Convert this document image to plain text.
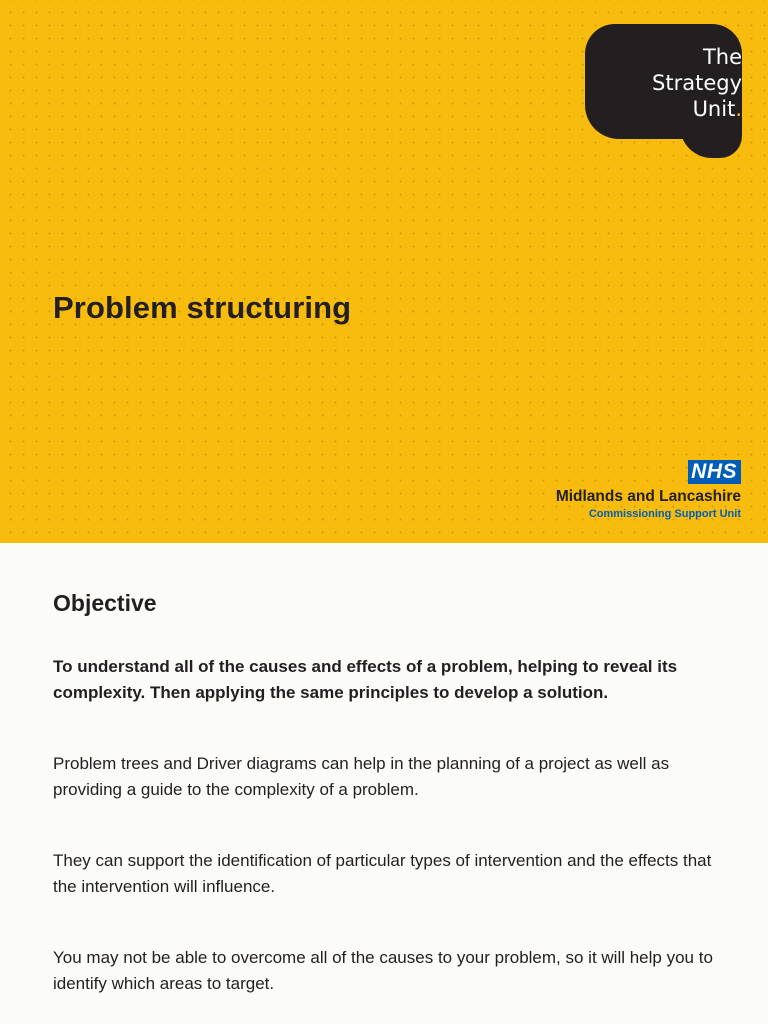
The
Strategy
Unit.
Problem structuring
NHS
Midlands and Lancashire
Commissioning Support Unit
Objective

To understand all of the causes and effects of a problem, helping to reveal its complexity. Then applying the same principles to develop a solution.

Problem trees and Driver diagrams can help in the planning of a project as well as providing a guide to the complexity of a problem.

They can support the identification of particular types of intervention and the effects that the intervention will influence.

You may not be able to overcome all of the causes to your problem, so it will help you to identify which areas to target.
